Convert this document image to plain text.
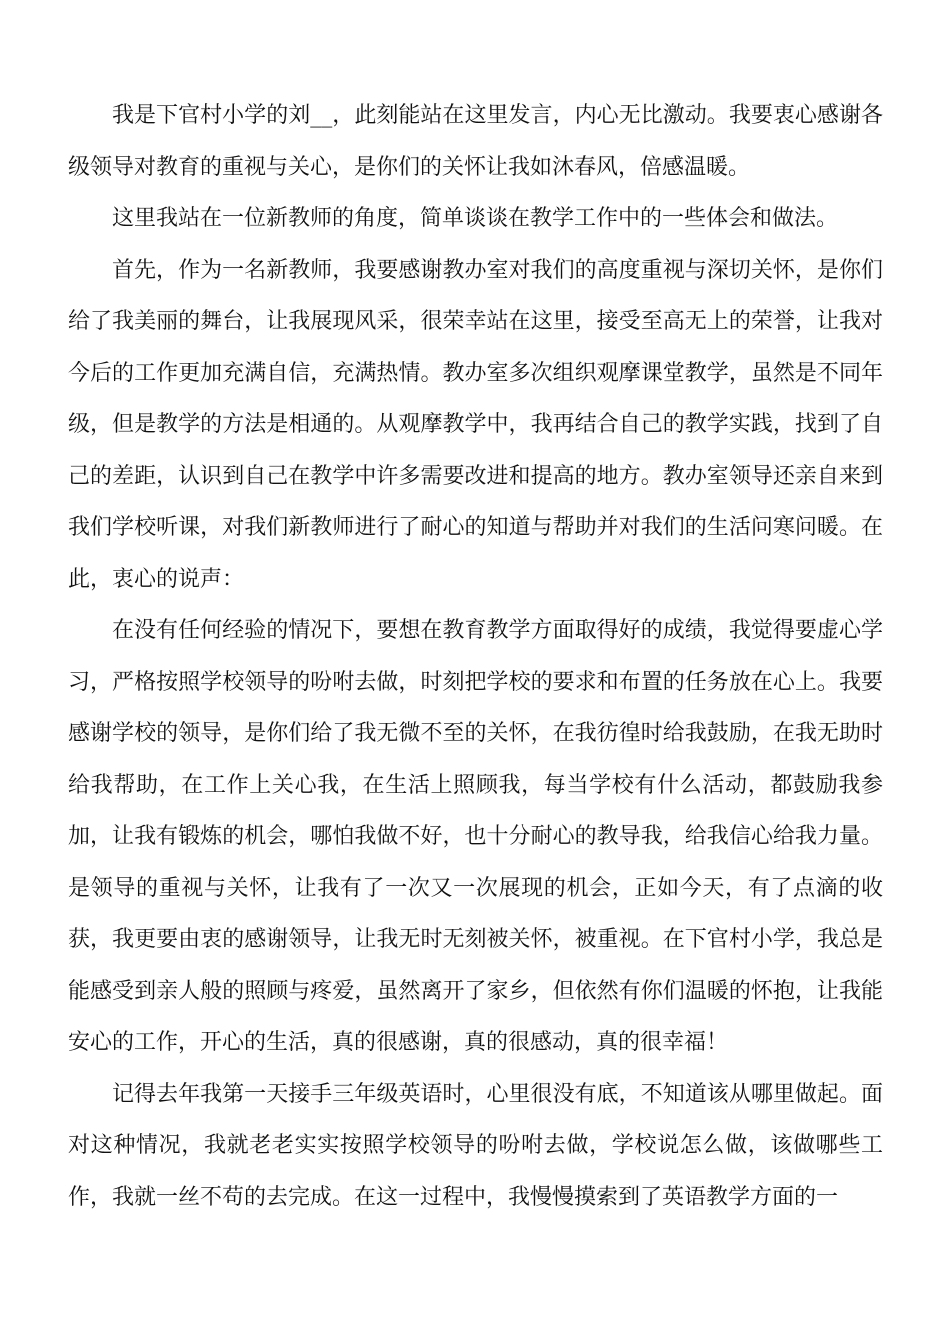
我是下官村小学的刘__，此刻能站在这里发言，内心无比激动。我要衷心感谢各级领导对教育的重视与关心，是你们的关怀让我如沐春风，倍感温暖。

这里我站在一位新教师的角度，简单谈谈在教学工作中的一些体会和做法。

首先，作为一名新教师，我要感谢教办室对我们的高度重视与深切关怀，是你们给了我美丽的舞台，让我展现风采，很荣幸站在这里，接受至高无上的荣誉，让我对今后的工作更加充满自信，充满热情。教办室多次组织观摩课堂教学，虽然是不同年级，但是教学的方法是相通的。从观摩教学中，我再结合自己的教学实践，找到了自己的差距，认识到自己在教学中许多需要改进和提高的地方。教办室领导还亲自来到我们学校听课，对我们新教师进行了耐心的知道与帮助并对我们的生活问寒问暖。在此，衷心的说声：

在没有任何经验的情况下，要想在教育教学方面取得好的成绩，我觉得要虚心学习，严格按照学校领导的吩咐去做，时刻把学校的要求和布置的任务放在心上。我要感谢学校的领导，是你们给了我无微不至的关怀，在我彷徨时给我鼓励，在我无助时给我帮助，在工作上关心我，在生活上照顾我，每当学校有什么活动，都鼓励我参加，让我有锻炼的机会，哪怕我做不好，也十分耐心的教导我，给我信心给我力量。是领导的重视与关怀，让我有了一次又一次展现的机会，正如今天，有了点滴的收获，我更要由衷的感谢领导，让我无时无刻被关怀，被重视。在下官村小学，我总是能感受到亲人般的照顾与疼爱，虽然离开了家乡，但依然有你们温暖的怀抱，让我能安心的工作，开心的生活，真的很感谢，真的很感动，真的很幸福！

记得去年我第一天接手三年级英语时，心里很没有底，不知道该从哪里做起。面对这种情况，我就老老实实按照学校领导的吩咐去做，学校说怎么做，该做哪些工作，我就一丝不苟的去完成。在这一过程中，我慢慢摸索到了英语教学方面的一
